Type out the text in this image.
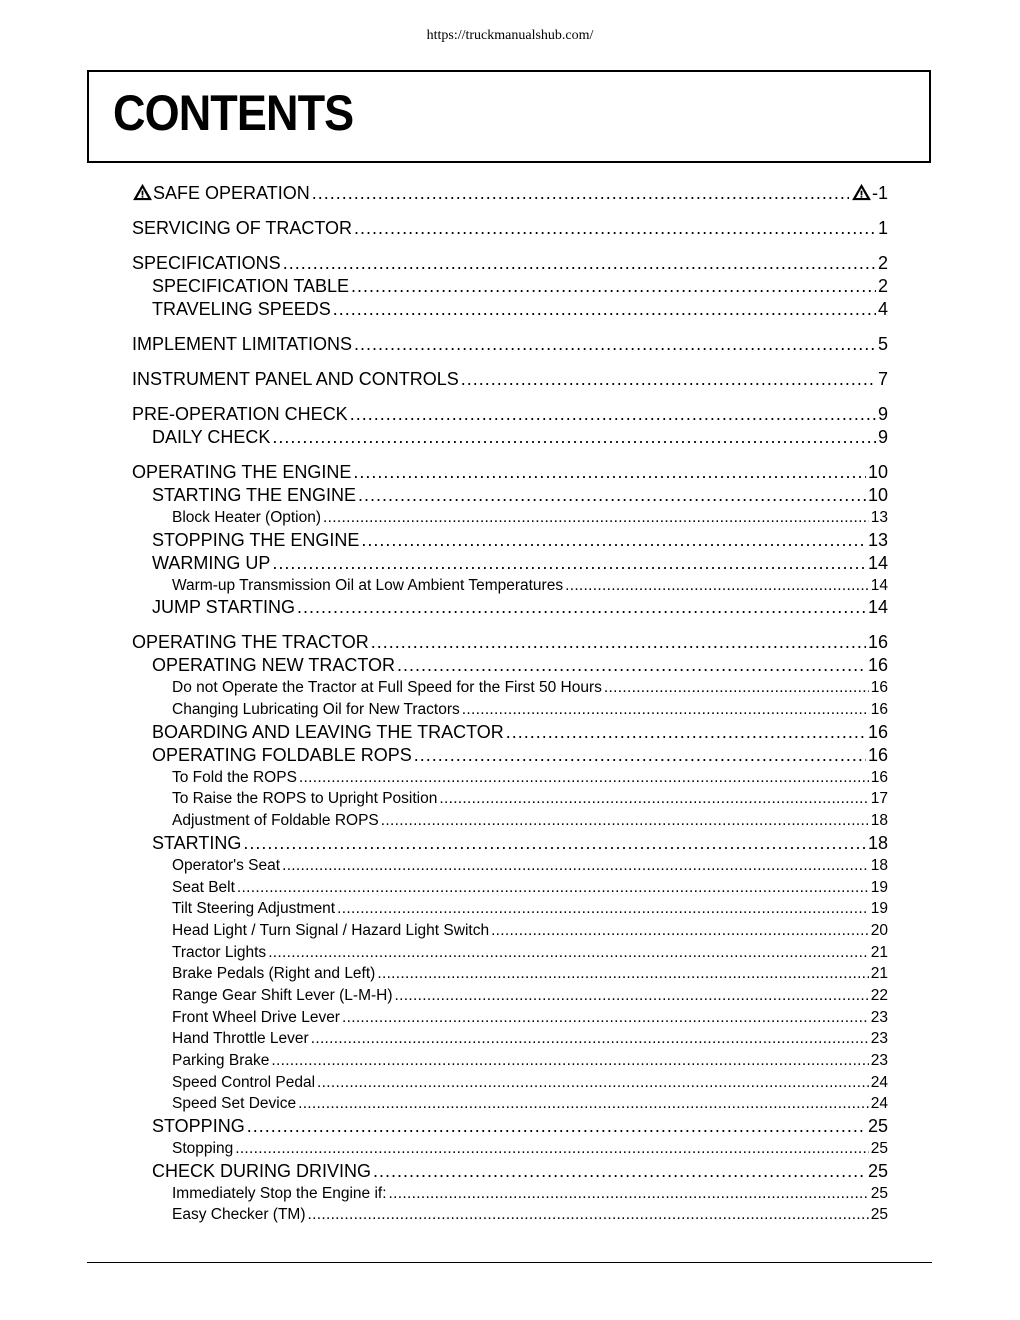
https://truckmanualshub.com/
CONTENTS
SAFE OPERATION . . .	-1
SERVICING OF TRACTOR . . .	1
SPECIFICATIONS . . .	2
SPECIFICATION TABLE . . .	2
TRAVELING SPEEDS . . .	4
IMPLEMENT LIMITATIONS . . .	5
INSTRUMENT PANEL AND CONTROLS . . .	7
PRE-OPERATION CHECK . . .	9
DAILY CHECK . . .	9
OPERATING THE ENGINE . . .	10
STARTING THE ENGINE . . .	10
Block Heater (Option) . . .	13
STOPPING THE ENGINE . . .	13
WARMING UP . . .	14
Warm-up Transmission Oil at Low Ambient Temperatures . . .	14
JUMP STARTING . . .	14
OPERATING THE TRACTOR . . .	16
OPERATING NEW TRACTOR . . .	16
Do not Operate the Tractor at Full Speed for the First 50 Hours . . .	16
Changing Lubricating Oil for New Tractors . . .	16
BOARDING AND LEAVING THE TRACTOR . . .	16
OPERATING FOLDABLE ROPS . . .	16
To Fold the ROPS . . .	16
To Raise the ROPS to Upright Position . . .	17
Adjustment of Foldable ROPS . . .	18
STARTING . . .	18
Operator's Seat . . .	18
Seat Belt . . .	19
Tilt Steering Adjustment . . .	19
Head Light / Turn Signal / Hazard Light Switch . . .	20
Tractor Lights . . .	21
Brake Pedals (Right and Left) . . .	21
Range Gear Shift Lever (L-M-H) . . .	22
Front Wheel Drive Lever . . .	23
Hand Throttle Lever . . .	23
Parking Brake . . .	23
Speed Control Pedal . . .	24
Speed Set Device . . .	24
STOPPING . . .	25
Stopping . . .	25
CHECK DURING DRIVING . . .	25
Immediately Stop the Engine if: . . .	25
Easy Checker (TM) . . .	25
